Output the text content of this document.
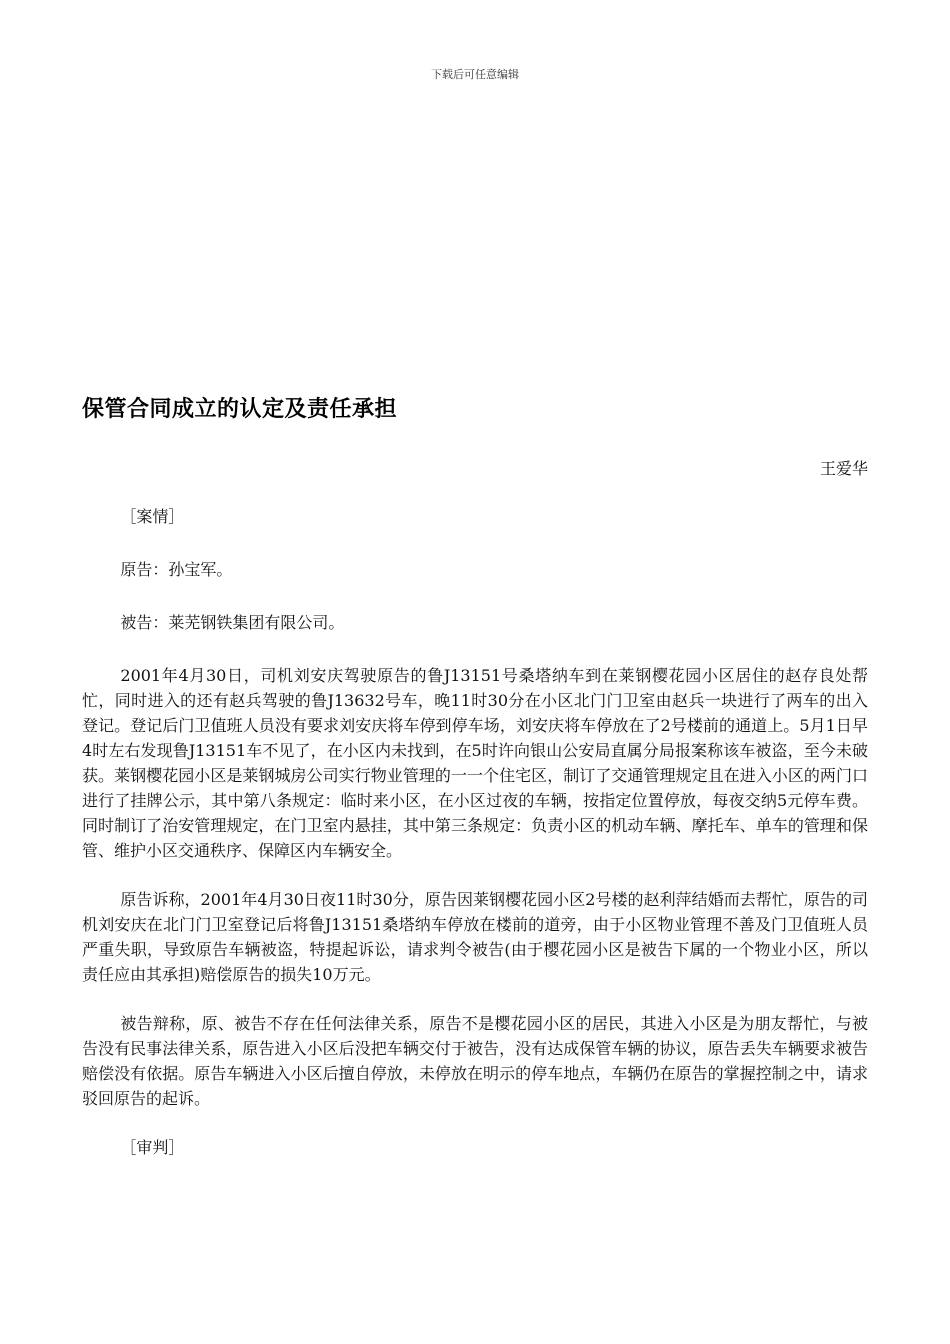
下载后可任意编辑
保管合同成立的认定及责任承担
王爱华

［案情］

原告：孙宝军。

被告：莱芜钢铁集团有限公司。

2001年4月30日，司机刘安庆驾驶原告的鲁J13151号桑塔纳车到在莱钢樱花园小区居住的赵存良处帮忙，同时进入的还有赵兵驾驶的鲁J13632号车，晚11时30分在小区北门门卫室由赵兵一块进行了两车的出入登记。登记后门卫值班人员没有要求刘安庆将车停到停车场，刘安庆将车停放在了2号楼前的通道上。5月1日早4时左右发现鲁J13151车不见了，在小区内未找到，在5时许向银山公安局直属分局报案称该车被盗，至今未破获。莱钢樱花园小区是莱钢城房公司实行物业管理的一一个住宅区，制订了交通管理规定且在进入小区的两门口进行了挂牌公示，其中第八条规定：临时来小区，在小区过夜的车辆，按指定位置停放，每夜交纳5元停车费。同时制订了治安管理规定，在门卫室内悬挂，其中第三条规定：负责小区的机动车辆、摩托车、单车的管理和保管、维护小区交通秩序、保障区内车辆安全。

原告诉称，2001年4月30日夜11时30分，原告因莱钢樱花园小区2号楼的赵利萍结婚而去帮忙，原告的司机刘安庆在北门门卫室登记后将鲁J13151桑塔纳车停放在楼前的道旁，由于小区物业管理不善及门卫值班人员严重失职，导致原告车辆被盗，特提起诉讼，请求判令被告(由于樱花园小区是被告下属的一个物业小区，所以责任应由其承担)赔偿原告的损失10万元。

被告辩称，原、被告不存在任何法律关系，原告不是樱花园小区的居民，其进入小区是为朋友帮忙，与被告没有民事法律关系，原告进入小区后没把车辆交付于被告，没有达成保管车辆的协议，原告丢失车辆要求被告赔偿没有依据。原告车辆进入小区后擅自停放，未停放在明示的停车地点，车辆仍在原告的掌握控制之中，请求驳回原告的起诉。

［审判］
